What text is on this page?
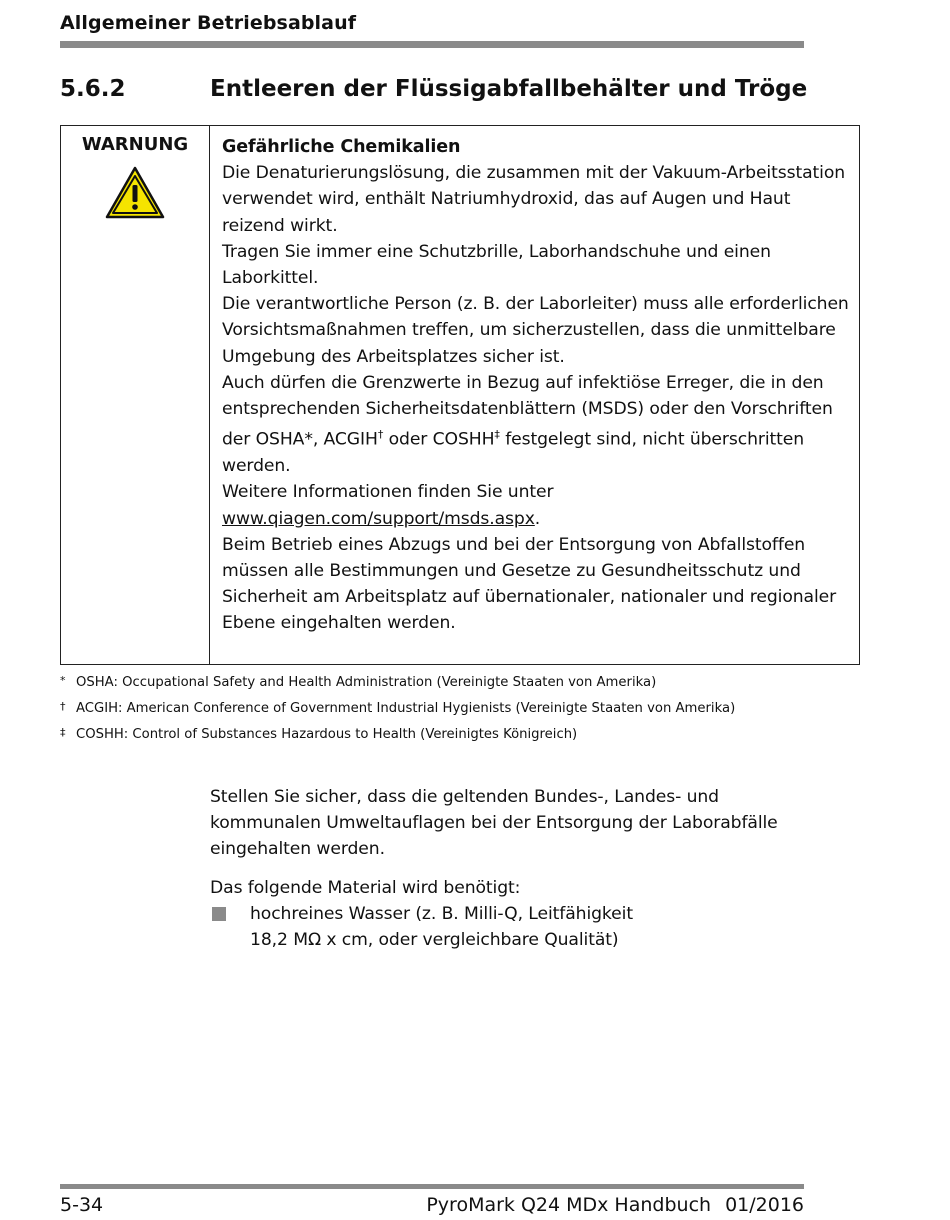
Allgemeiner Betriebsablauf
5.6.2	Entleeren der Flüssigabfallbehälter und Tröge
WARNUNG	Gefährliche Chemikalien

Die Denaturierungslösung, die zusammen mit der Vakuum-Arbeitsstation verwendet wird, enthält Natriumhydroxid, das auf Augen und Haut reizend wirkt.

Tragen Sie immer eine Schutzbrille, Laborhandschuhe und einen Laborkittel.

Die verantwortliche Person (z. B. der Laborleiter) muss alle erforderlichen Vorsichtsmaßnahmen treffen, um sicherzustellen, dass die unmittelbare Umgebung des Arbeitsplatzes sicher ist.

Auch dürfen die Grenzwerte in Bezug auf infektiöse Erreger, die in den entsprechenden Sicherheitsdatenblättern (MSDS) oder den Vorschriften der OSHA*, ACGIH† oder COSHH‡ festgelegt sind, nicht überschritten werden.

Weitere Informationen finden Sie unter
www.qiagen.com/support/msds.aspx.

Beim Betrieb eines Abzugs und bei der Entsorgung von Abfallstoffen müssen alle Bestimmungen und Gesetze zu Gesundheitsschutz und Sicherheit am Arbeitsplatz auf übernationaler, nationaler und regionaler Ebene eingehalten werden.

* OSHA: Occupational Safety and Health Administration (Vereinigte Staaten von Amerika)
† ACGIH: American Conference of Government Industrial Hygienists (Vereinigte Staaten von Amerika)
‡ COSHH: Control of Substances Hazardous to Health (Vereinigtes Königreich)

Stellen Sie sicher, dass die geltenden Bundes-, Landes- und kommunalen Umweltauflagen bei der Entsorgung der Laborabfälle eingehalten werden.

Das folgende Material wird benötigt:

hochreines Wasser (z. B. Milli-Q, Leitfähigkeit
18,2 MΩ x cm, oder vergleichbare Qualität)
5-34	PyroMark Q24 MDx Handbuch 01/2016
